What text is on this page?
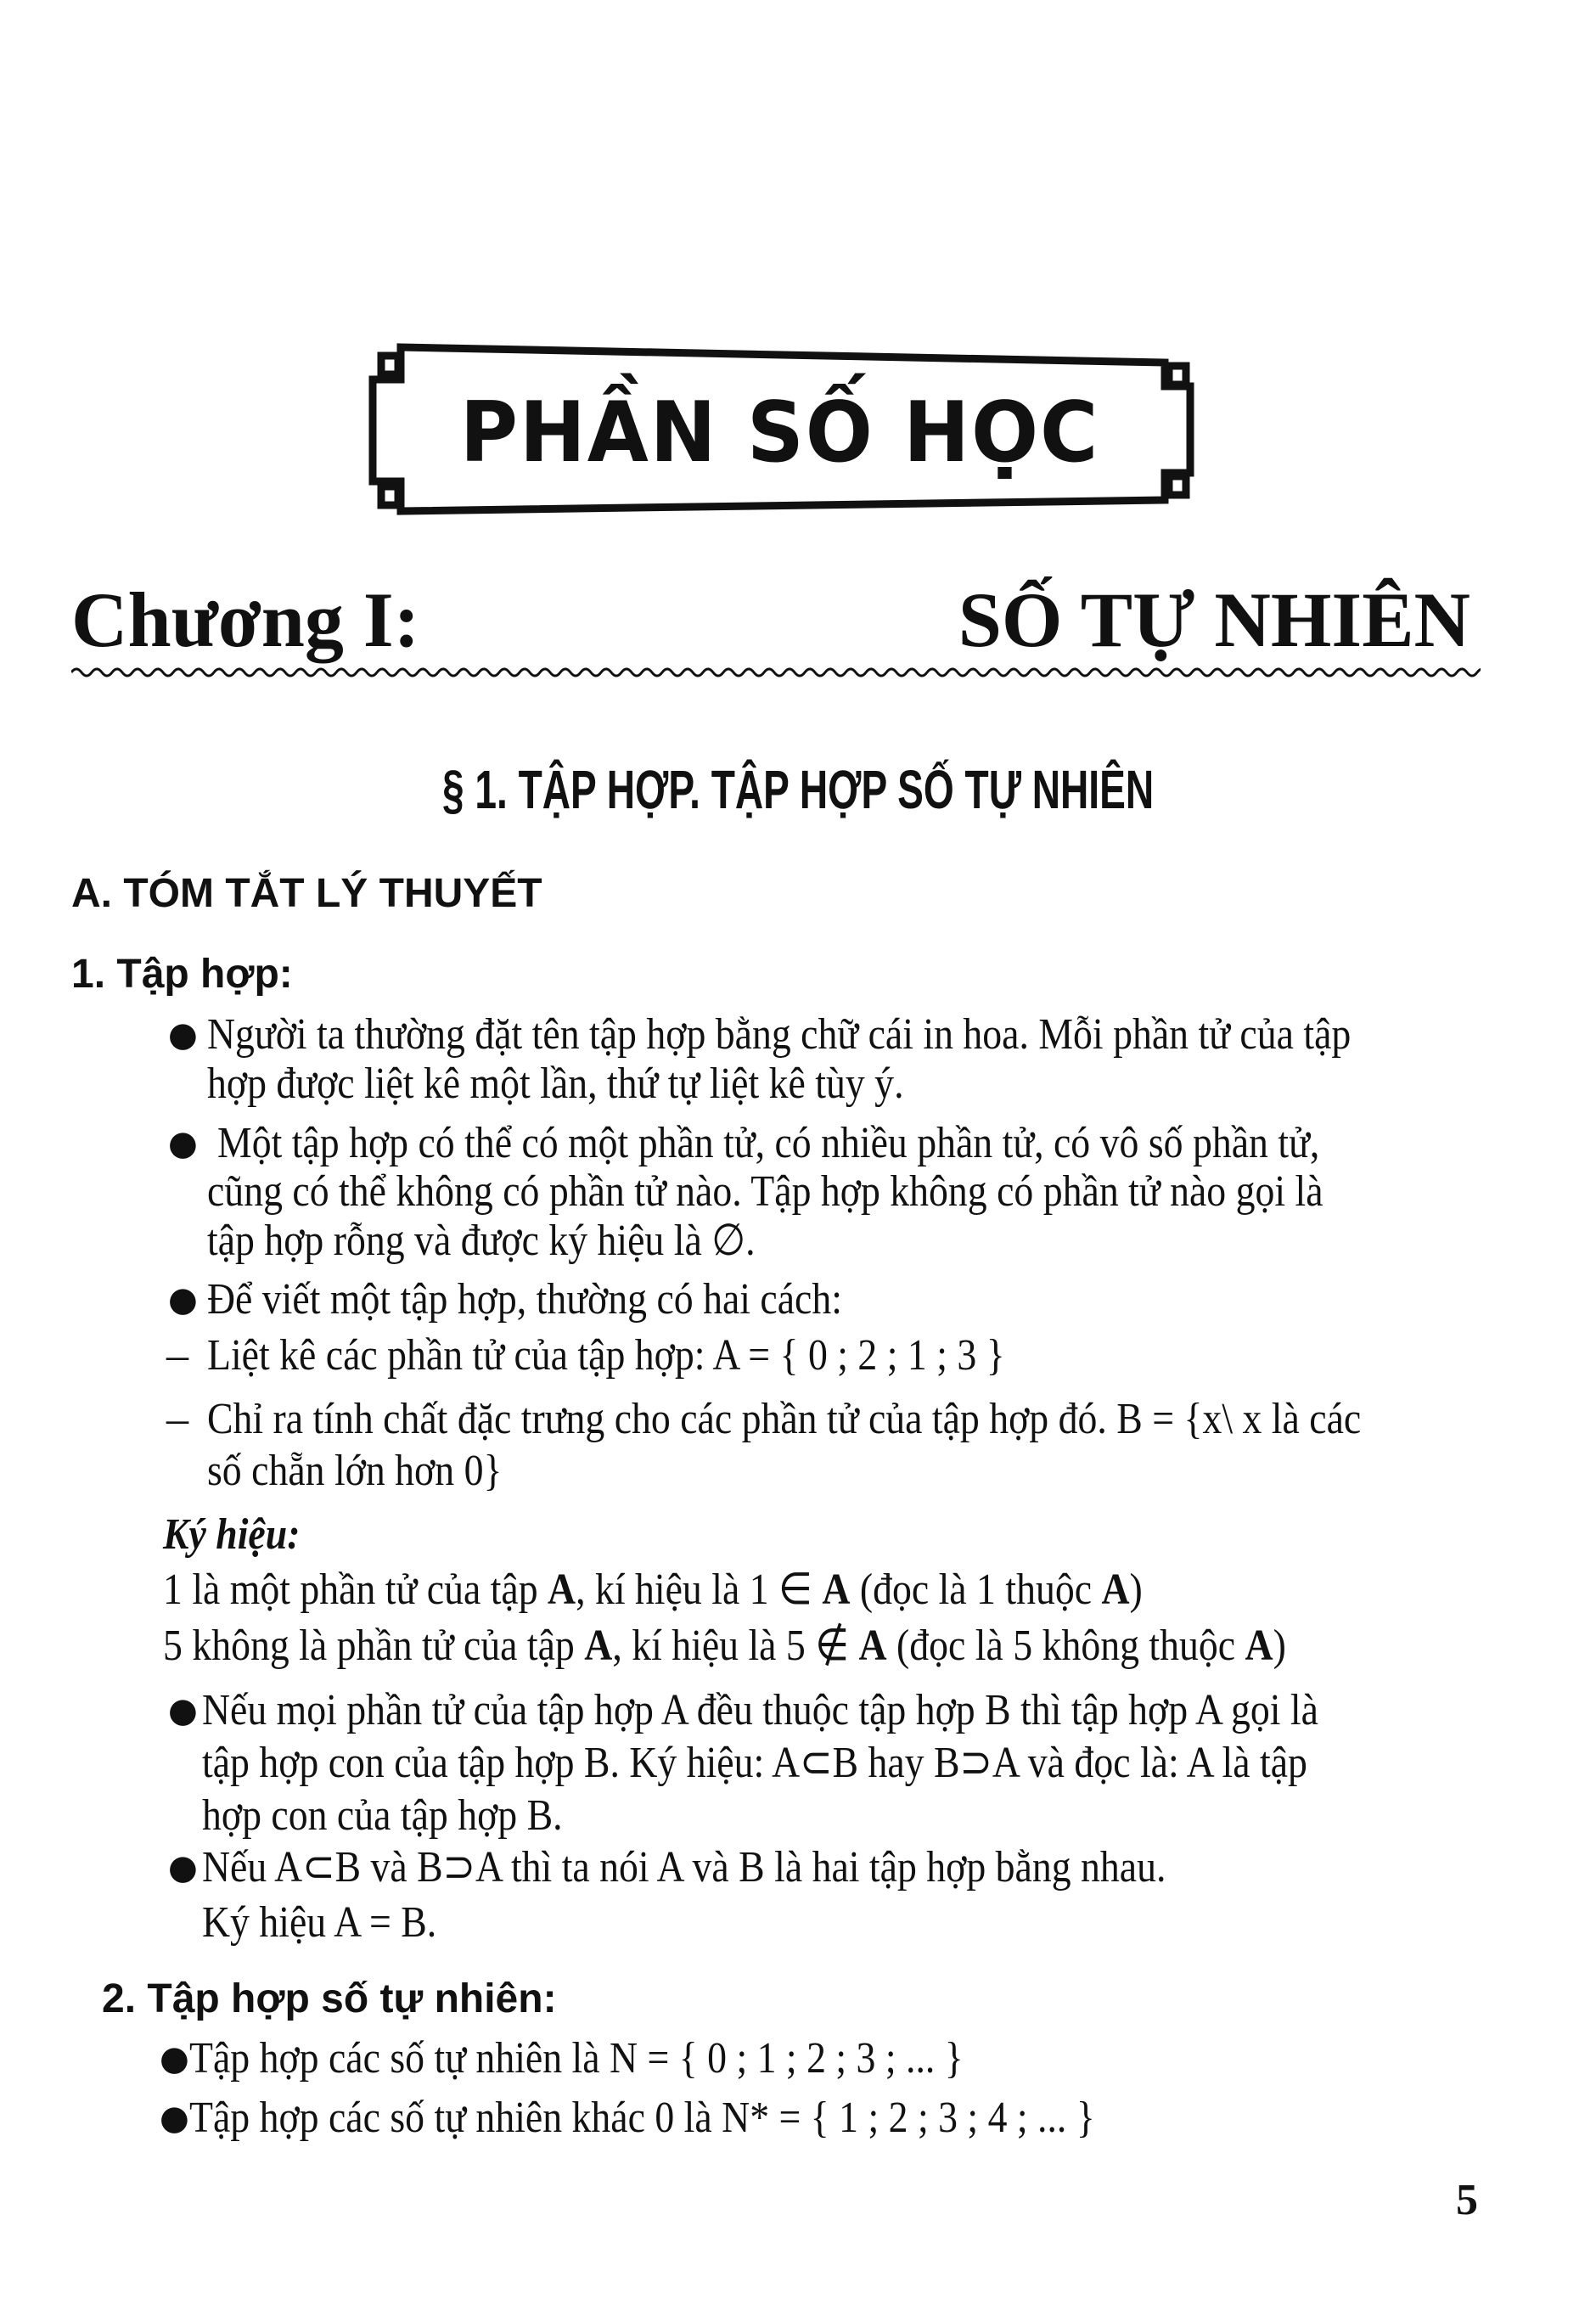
PHẦN SỐ HỌC
Chương I:	SỐ TỰ NHIÊN
§ 1. TẬP HỢP. TẬP HỢP SỐ TỰ NHIÊN
A. TÓM TẮT LÝ THUYẾT
1. Tập hợp:
● Người ta thường đặt tên tập hợp bằng chữ cái in hoa. Mỗi phần tử của tập
hợp được liệt kê một lần, thứ tự liệt kê tùy ý.
● Một tập hợp có thể có một phần tử, có nhiều phần tử, có vô số phần tử,
cũng có thể không có phần tử nào. Tập hợp không có phần tử nào gọi là
tập hợp rỗng và được ký hiệu là ∅.
● Để viết một tập hợp, thường có hai cách:
– Liệt kê các phần tử của tập hợp: A = { 0 ; 2 ; 1 ; 3 }
– Chỉ ra tính chất đặc trưng cho các phần tử của tập hợp đó. B = {x\ x là các
số chẵn lớn hơn 0}
Ký hiệu:
1 là một phần tử của tập A, kí hiệu là 1 ∈ A (đọc là 1 thuộc A)
5 không là phần tử của tập A, kí hiệu là 5 ∉ A (đọc là 5 không thuộc A)
● Nếu mọi phần tử của tập hợp A đều thuộc tập hợp B thì tập hợp A gọi là
tập hợp con của tập hợp B. Ký hiệu: A⊂B hay B⊃A và đọc là: A là tập
hợp con của tập hợp B.
● Nếu A⊂B và B⊃A thì ta nói A và B là hai tập hợp bằng nhau.
Ký hiệu A = B.
2. Tập hợp số tự nhiên:
● Tập hợp các số tự nhiên là N = { 0 ; 1 ; 2 ; 3 ; ... }
● Tập hợp các số tự nhiên khác 0 là N* = { 1 ; 2 ; 3 ; 4 ; ... }
5
